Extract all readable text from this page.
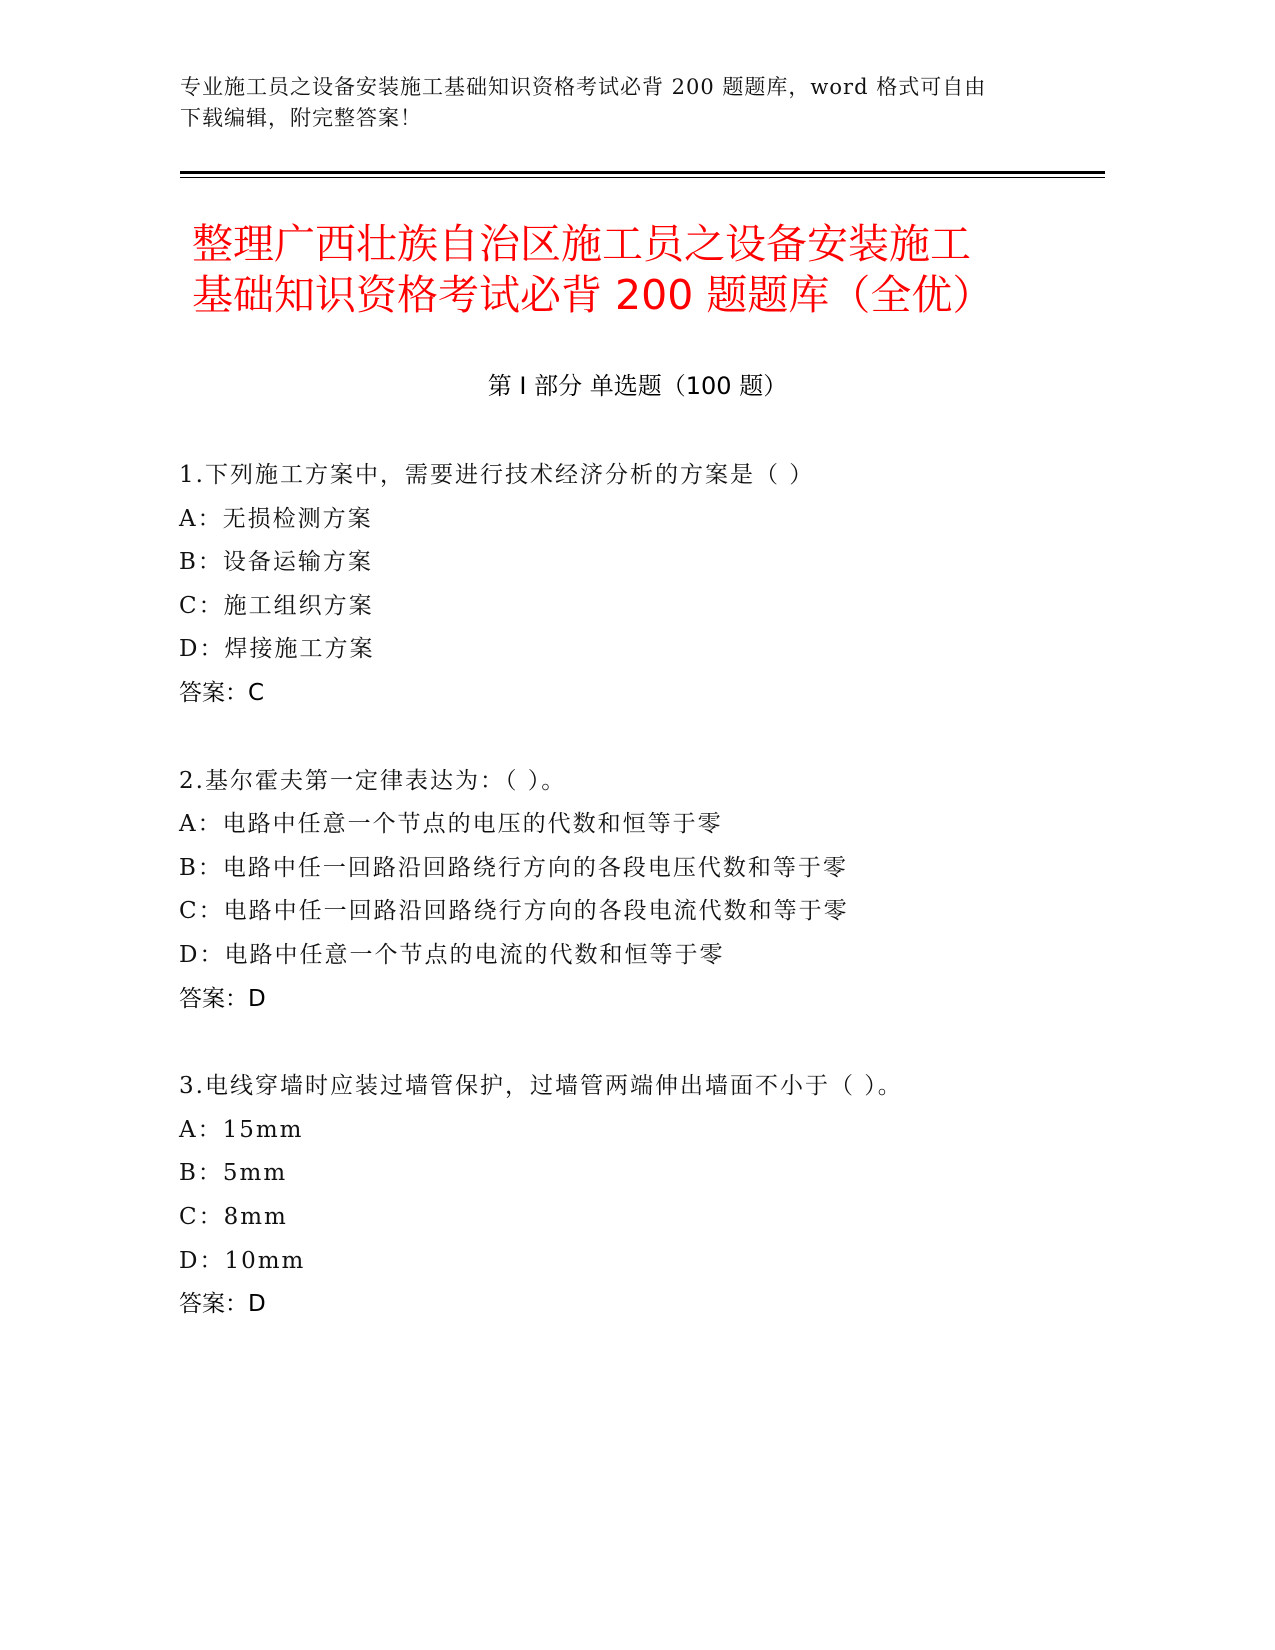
专业施工员之设备安装施工基础知识资格考试必背 200 题题库，word 格式可自由
下载编辑，附完整答案！
整理广西壮族自治区施工员之设备安装施工
基础知识资格考试必背 200 题题库（全优）
第 I 部分 单选题（100 题）
1.下列施工方案中，需要进行技术经济分析的方案是（ ）
A：无损检测方案
B：设备运输方案
C：施工组织方案
D：焊接施工方案
答案：C
2.基尔霍夫第一定律表达为：（ ）。
A：电路中任意一个节点的电压的代数和恒等于零
B：电路中任一回路沿回路绕行方向的各段电压代数和等于零
C：电路中任一回路沿回路绕行方向的各段电流代数和等于零
D：电路中任意一个节点的电流的代数和恒等于零
答案：D
3.电线穿墙时应装过墙管保护，过墙管两端伸出墙面不小于（ ）。
A：15mm
B：5mm
C：8mm
D：10mm
答案：D
